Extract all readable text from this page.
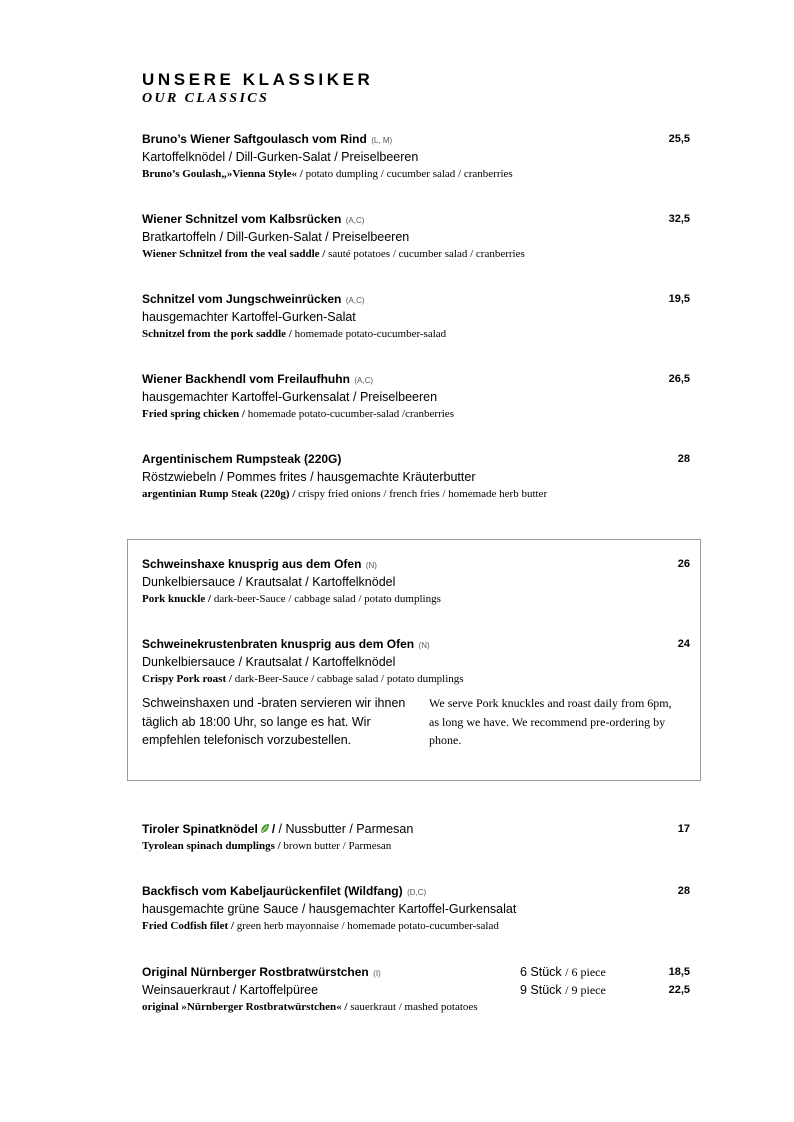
UNSERE KLASSIKER
OUR CLASSICS
Bruno’s Wiener Saftgoulasch vom Rind (L, M)	25,5
Kartoffelknödel / Dill-Gurken-Salat / Preiselbeeren
Bruno’s Goulash„»Vienna Style« / potato dumpling / cucumber salad / cranberries
Wiener Schnitzel vom Kalbsrücken (A,C)	32,5
Bratkartoffeln / Dill-Gurken-Salat / Preiselbeeren
Wiener Schnitzel from the veal saddle / sauté potatoes / cucumber salad / cranberries
Schnitzel vom Jungschweinrücken (A,C)	19,5
hausgemachter Kartoffel-Gurken-Salat
Schnitzel from the pork saddle / homemade potato-cucumber-salad
Wiener Backhendl vom Freilaufhuhn (A,C)	26,5
hausgemachter Kartoffel-Gurkensalat / Preiselbeeren
Fried spring chicken / homemade potato-cucumber-salad /cranberries
Argentinischem Rumpsteak (220G)	28
Röstzwiebeln / Pommes frites / hausgemachte Kräuterbutter
argentinian Rump Steak (220g) / crispy fried onions / french fries / homemade herb butter
Schweinshaxe knusprig aus dem Ofen (N)	26
Dunkelbiersauce / Krautsalat / Kartoffelknödel
Pork knuckle / dark-beer-Sauce / cabbage salad / potato dumplings
Schweinekrustenbraten knusprig aus dem Ofen (N)	24
Dunkelbiersauce / Krautsalat / Kartoffelknödel
Crispy Pork roast / dark-Beer-Sauce / cabbage salad / potato dumplings
Schweinshaxen und -braten servieren wir ihnen täglich ab 18:00 Uhr, so lange es hat. Wir empfehlen telefonisch vorzubestellen.
We serve Pork knuckles and roast daily from 6pm, as long we have. We recommend pre-ordering by phone.
Tiroler Spinatknödel / / Nussbutter / Parmesan	17
Tyrolean spinach dumplings / brown butter / Parmesan
Backfisch vom Kabeljaurückenfilet (Wildfang) (D,C)	28
hausgemachte grüne Sauce / hausgemachter Kartoffel-Gurkensalat
Fried Codfish filet / green herb mayonnaise / homemade potato-cucumber-salad
Original Nürnberger Rostbratwürstchen (I)	6 Stück / 6 piece	18,5
Weinsauerkraut / Kartoffelpüree	9 Stück / 9 piece	22,5
original »Nürnberger Rostbratwürstchen« / sauerkraut / mashed potatoes
